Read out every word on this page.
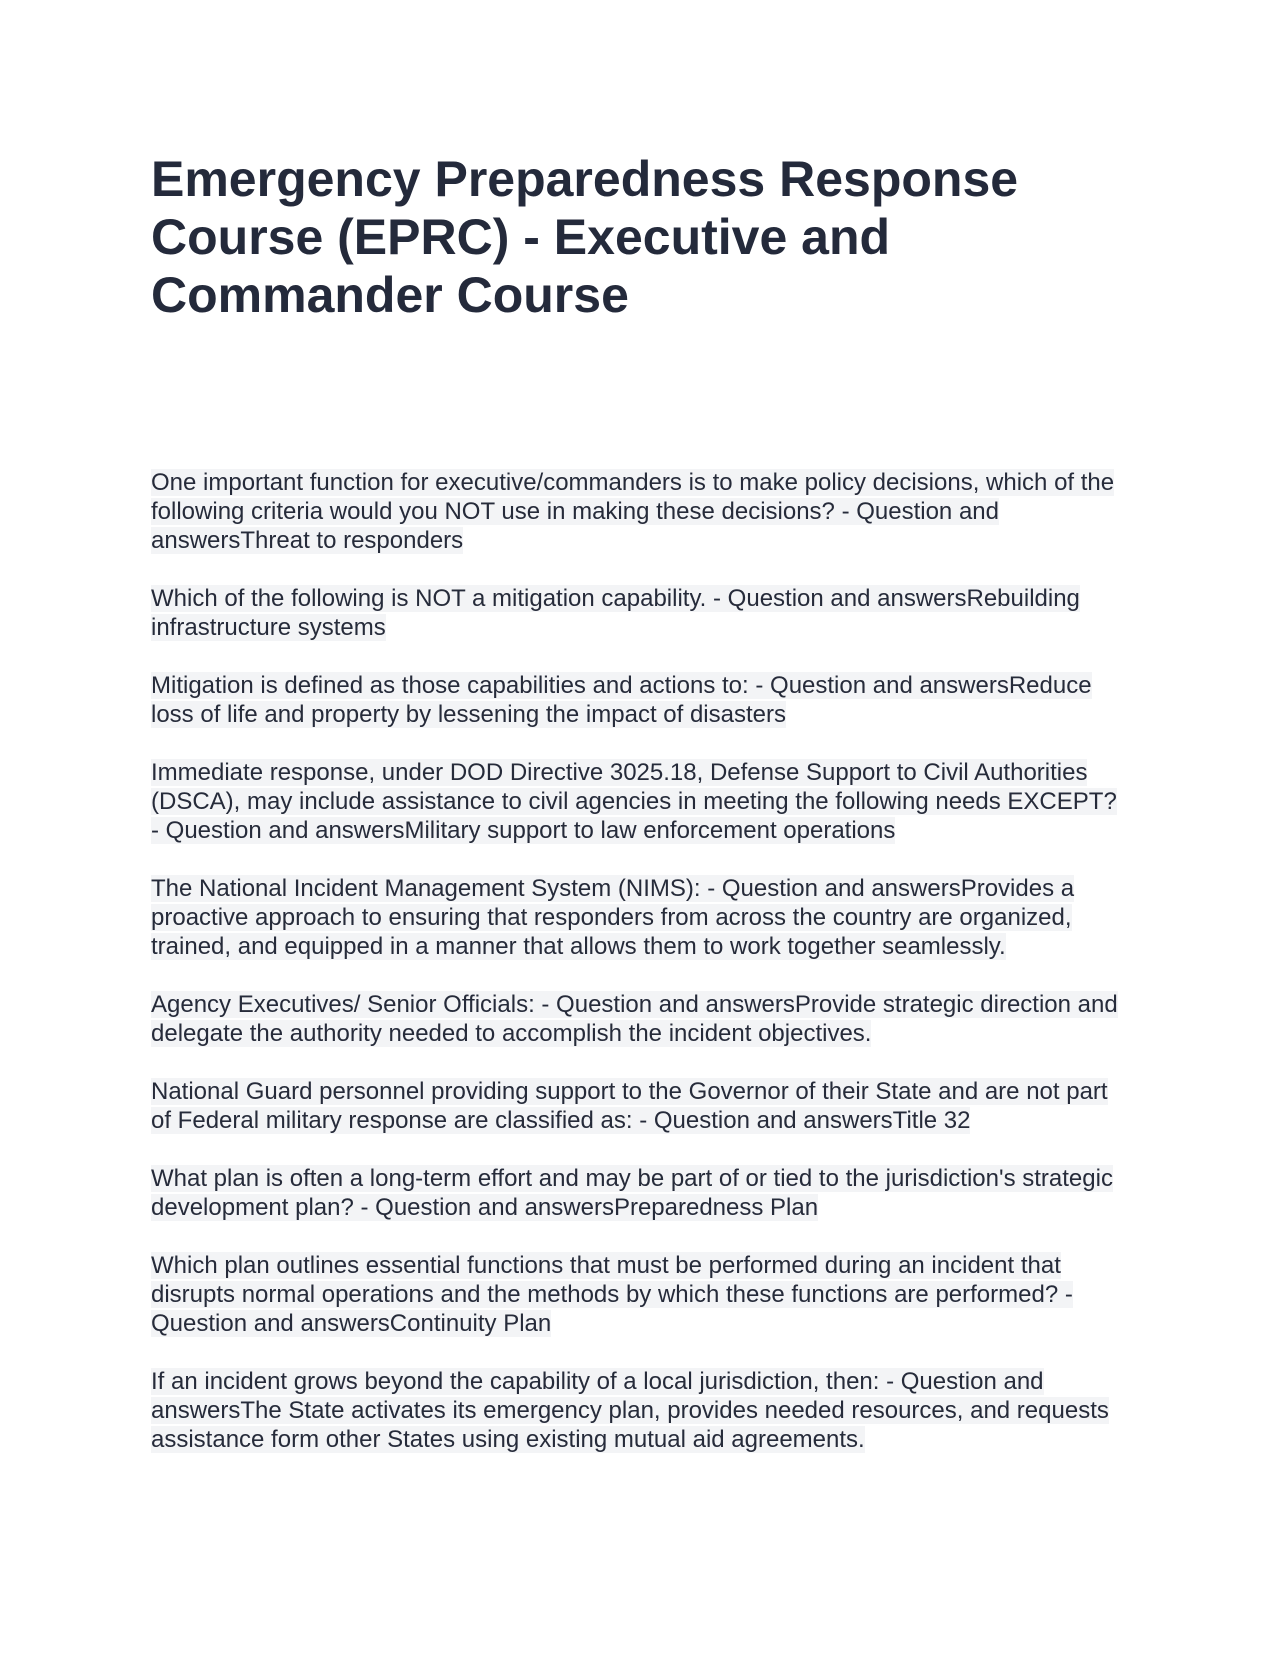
Emergency Preparedness Response Course (EPRC) - Executive and Commander Course

One important function for executive/commanders is to make policy decisions, which of the following criteria would you NOT use in making these decisions? - Question and answersThreat to responders

Which of the following is NOT a mitigation capability. - Question and answersRebuilding infrastructure systems

Mitigation is defined as those capabilities and actions to: - Question and answersReduce loss of life and property by lessening the impact of disasters

Immediate response, under DOD Directive 3025.18, Defense Support to Civil Authorities (DSCA), may include assistance to civil agencies in meeting the following needs EXCEPT? - Question and answersMilitary support to law enforcement operations

The National Incident Management System (NIMS): - Question and answersProvides a proactive approach to ensuring that responders from across the country are organized, trained, and equipped in a manner that allows them to work together seamlessly.

Agency Executives/ Senior Officials: - Question and answersProvide strategic direction and delegate the authority needed to accomplish the incident objectives.

National Guard personnel providing support to the Governor of their State and are not part of Federal military response are classified as: - Question and answersTitle 32

What plan is often a long-term effort and may be part of or tied to the jurisdiction's strategic development plan? - Question and answersPreparedness Plan

Which plan outlines essential functions that must be performed during an incident that disrupts normal operations and the methods by which these functions are performed? - Question and answersContinuity Plan

If an incident grows beyond the capability of a local jurisdiction, then: - Question and answersThe State activates its emergency plan, provides needed resources, and requests assistance form other States using existing mutual aid agreements.
